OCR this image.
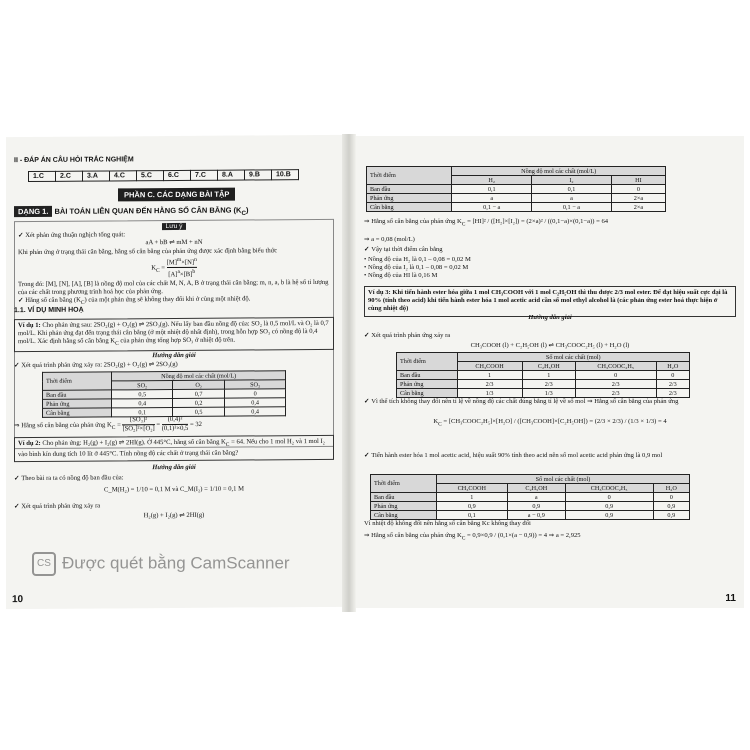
II - ĐÁP ÁN CÂU HỎI TRẮC NGHIỆM
1.C	2.C	3.A	4.C	5.C	6.C	7.C	8.A	9.B	10.B
PHẦN C. CÁC DẠNG BÀI TẬP
DẠNG 1. BÀI TOÁN LIÊN QUAN ĐẾN HẰNG SỐ CÂN BẰNG $(K_C)$
Lưu ý
✓ Xét phản ứng thuận nghịch tổng quát:
aA + bB ⇌ mM + nN
Khi phản ứng ở trạng thái cân bằng, hằng số cân bằng của phản ứng được xác định bằng biểu thức
$K_C = \frac{[M]^m\times[N]^n}{[A]^a\times[B]^b}$
Trong đó: [M], [N], [A], [B] là nồng độ mol của các chất M, N, A, B ở trạng thái cân bằng; m, n, a, b là hệ số tỉ lượng của các chất trong phương trình hoá học của phản ứng.
✓ Hằng số cân bằng $(K_C)$ của một phản ứng sẽ không thay đổi khi ở cùng một nhiệt độ.
1.1. VÍ DỤ MINH HOẠ
Ví dụ 1: Cho phản ứng sau: 2SO₂(g) + O₂(g) ⇌ 2SO₃(g). Nếu lấy ban đầu nồng độ của: SO₂ là 0,5 mol/L và O₂ là 0,7 mol/L. Khi phản ứng đạt đến trạng thái cân bằng (ở một nhiệt độ nhất định), trong hỗn hợp SO₃ có nồng độ là 0,4 mol/L. Xác định hằng số cân bằng $K_C$ của phản ứng tổng hợp SO₃ ở nhiệt độ trên.
Hướng dẫn giải
✓ Xét quá trình phản ứng xảy ra: 2SO₂(g) + O₂(g) ⇌ 2SO₃(g)
Thời điểm	Nồng độ mol các chất (mol/L)		
	SO₂	O₂	SO₃
Ban đầu	0,5	0,7	0
Phản ứng	0,4	0,2	0,4
Cân bằng	0,1	0,5	0,4
⇒ Hằng số cân bằng của phản ứng $K_C = \frac{\text{[SO₃]²}}{\text{[SO₂]²×[O₂]}} = \frac{\text{(0,4)²}}{\text{(0,1)²×0,5}} = 32$
Ví dụ 2: Cho phản ứng: H₂(g) + I₂(g) ⇌ 2HI(g). Ở 445°C, hằng số cân bằng $K_C = 64$. Nếu cho 1 mol H₂ và 1 mol I₂ vào bình kín dung tích 10 lít ở 445°C. Tính nồng độ các chất ở trạng thái cân bằng?
Hướng dẫn giải
✓ Theo bài ra ta có nồng độ ban đầu của:
C_M(H₂) = 1/10 = 0,1 M và C_M(I₂) = 1/10 = 0,1 M
✓ Xét quá trình phản ứng xảy ra
H₂(g) + I₂(g) ⇌ 2HI(g)
10
Thời điểm	Nồng độ mol các chất (mol/L)		
	H₂	I₂	HI
Ban đầu	0,1	0,1	0
Phản ứng	a	a	2×a
Cân bằng	0,1 − a	0,1 − a	2×a
⇒ Hằng số cân bằng của phản ứng $K_C = [HI]^2 / ([H_2]\times[I_2]) = (2\times a)^2 / ((0,1-a)\times(0,1-a)) = 64$
⇒ a = 0,08 (mol/L)
✓ Vậy tại thời điểm cân bằng
• Nồng độ của H₂ là 0,1 – 0,08 = 0,02 M
• Nồng độ của I₂ là 0,1 – 0,08 = 0,02 M
• Nồng độ của HI là 0,16 M
Ví dụ 3: Khi tiến hành ester hóa giữa 1 mol CH₃COOH với 1 mol C₂H₅OH thì thu được 2/3 mol ester. Để đạt hiệu suất cực đại là 90% (tính theo acid) khi tiến hành ester hóa 1 mol acetic acid cần số mol ethyl alcohol là (các phản ứng ester hoá thực hiện ở cùng nhiệt độ)
Hướng dẫn giải
✓ Xét quá trình phản ứng xảy ra
CH₃COOH (l) + C₂H₅OH (l) ⇌ CH₃COOC₂H₅ (l) + H₂O (l)
Thời điểm	Số mol các chất (mol)			
	CH₃COOH	C₂H₅OH	CH₃COOC₂H₅	H₂O
Ban đầu	1	1	0	0
Phản ứng	2/3	2/3	2/3	2/3
Cân bằng	1/3	1/3	2/3	2/3
✓ Vì thể tích không thay đổi nên tỉ lệ về nồng độ các chất đúng bằng tỉ lệ về số mol ⇒ Hằng số cân bằng của phản ứng
$K_C$ = [CH₃COOC₂H₅]×[H₂O] / ([CH₃COOH]×[C₂H₅OH]) = (2/3 × 2/3) / (1/3 × 1/3) = 4
✓ Tiến hành ester hóa 1 mol acetic acid, hiệu suất 90% tính theo acid nên số mol acetic acid phản ứng là 0,9 mol
Thời điểm	Số mol các chất (mol)			
	CH₃COOH	C₂H₅OH	CH₃COOC₂H₅	H₂O
Ban đầu	1	a	0	0
Phản ứng	0,9	0,9	0,9	0,9
Cân bằng	0,1	a − 0,9	0,9	0,9
Vì nhiệt độ không đổi nên hằng số cân bằng Kc không thay đổi
⇒ Hằng số cân bằng của phản ứng $K_C = 0,9\times 0,9 / (0,1\times(a - 0,9)) = 4$ ⇒ a = 2,925
11
CS Được quét bằng CamScanner
